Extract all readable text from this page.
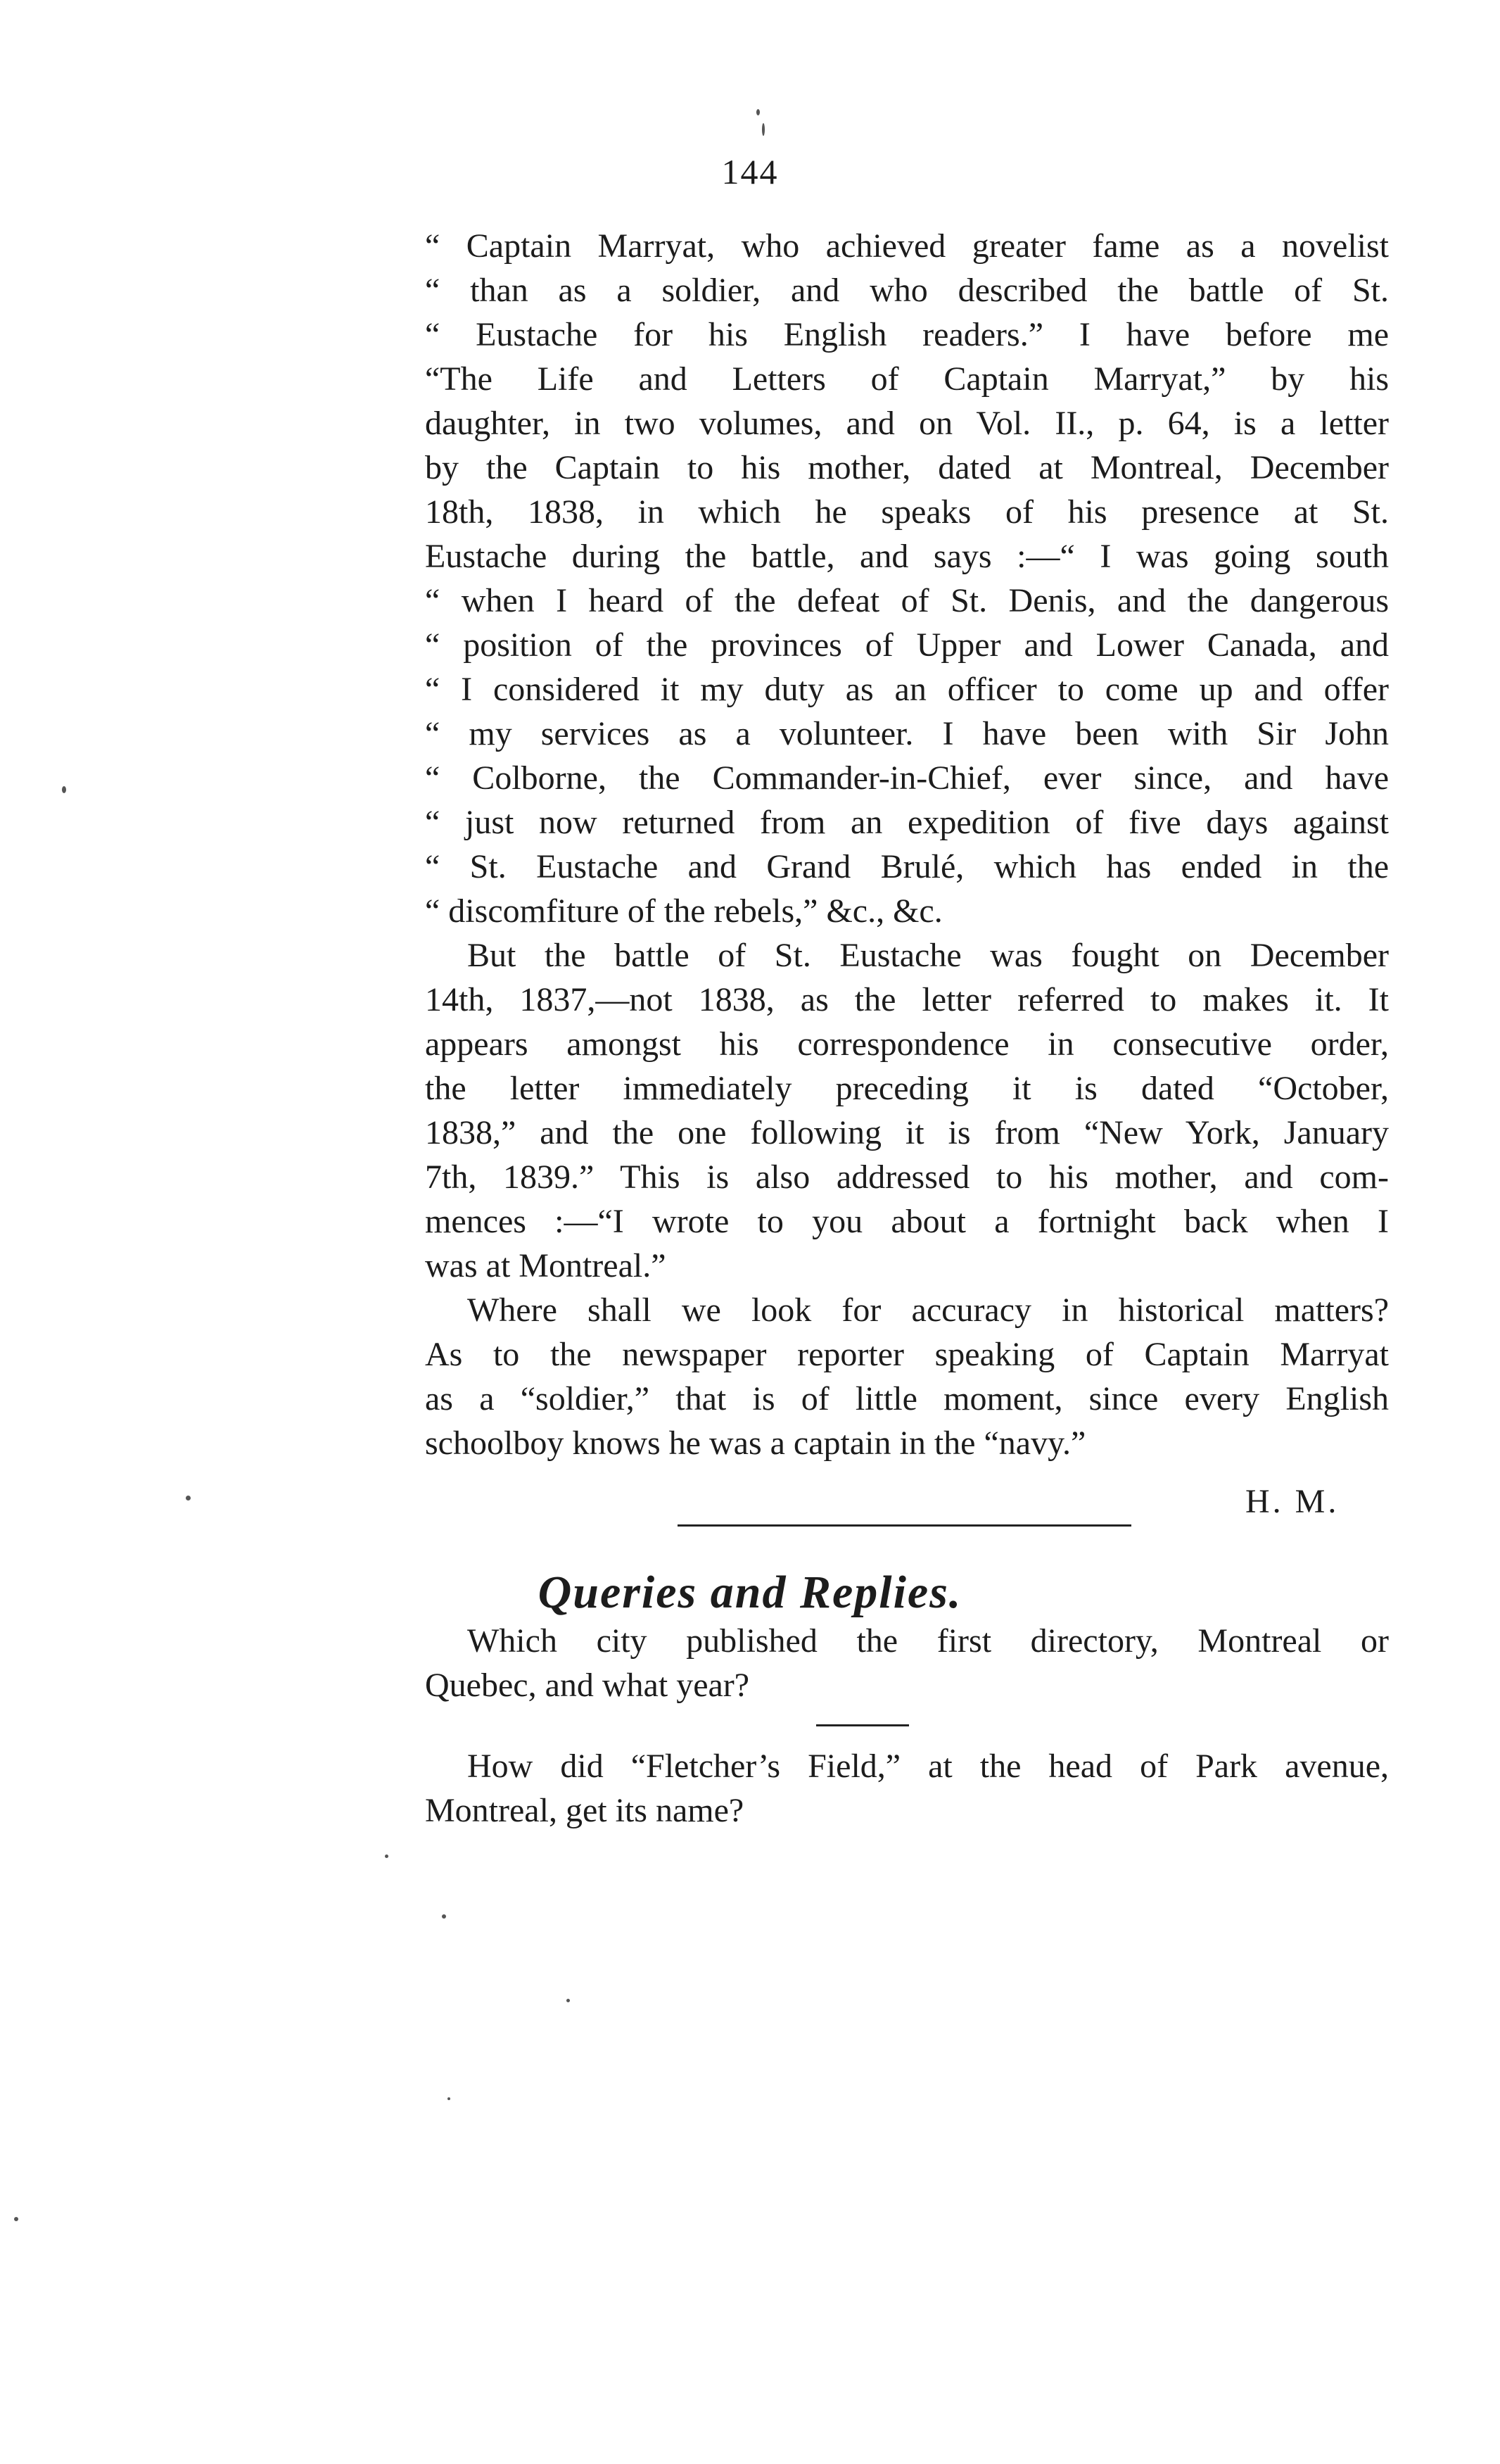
144
“ Captain Marryat, who achieved greater fame as a novelist
“ than as a soldier, and who described the battle of St.
“ Eustache for his English readers.” I have before me
“The Life and Letters of Captain Marryat,” by his
daughter, in two volumes, and on Vol. II., p. 64, is a letter
by the Captain to his mother, dated at Montreal, December
18th, 1838, in which he speaks of his presence at St.
Eustache during the battle, and says :—“ I was going south
“ when I heard of the defeat of St. Denis, and the dangerous
“ position of the provinces of Upper and Lower Canada, and
“ I considered it my duty as an officer to come up and offer
“ my services as a volunteer. I have been with Sir John
“ Colborne, the Commander-in-Chief, ever since, and have
“ just now returned from an expedition of five days against
“ St. Eustache and Grand Brulé, which has ended in the
“ discomfiture of the rebels,” &c., &c.
But the battle of St. Eustache was fought on December
14th, 1837,—not 1838, as the letter referred to makes it. It
appears amongst his correspondence in consecutive order,
the letter immediately preceding it is dated “October,
1838,” and the one following it is from “New York, January
7th, 1839.” This is also addressed to his mother, and com-
mences :—“I wrote to you about a fortnight back when I
was at Montreal.”
Where shall we look for accuracy in historical matters?
As to the newspaper reporter speaking of Captain Marryat
as a “soldier,” that is of little moment, since every English
schoolboy knows he was a captain in the “navy.”
H. M.
Queries and Replies.
Which city published the first directory, Montreal or
Quebec, and what year?
How did “Fletcher’s Field,” at the head of Park avenue,
Montreal, get its name?
